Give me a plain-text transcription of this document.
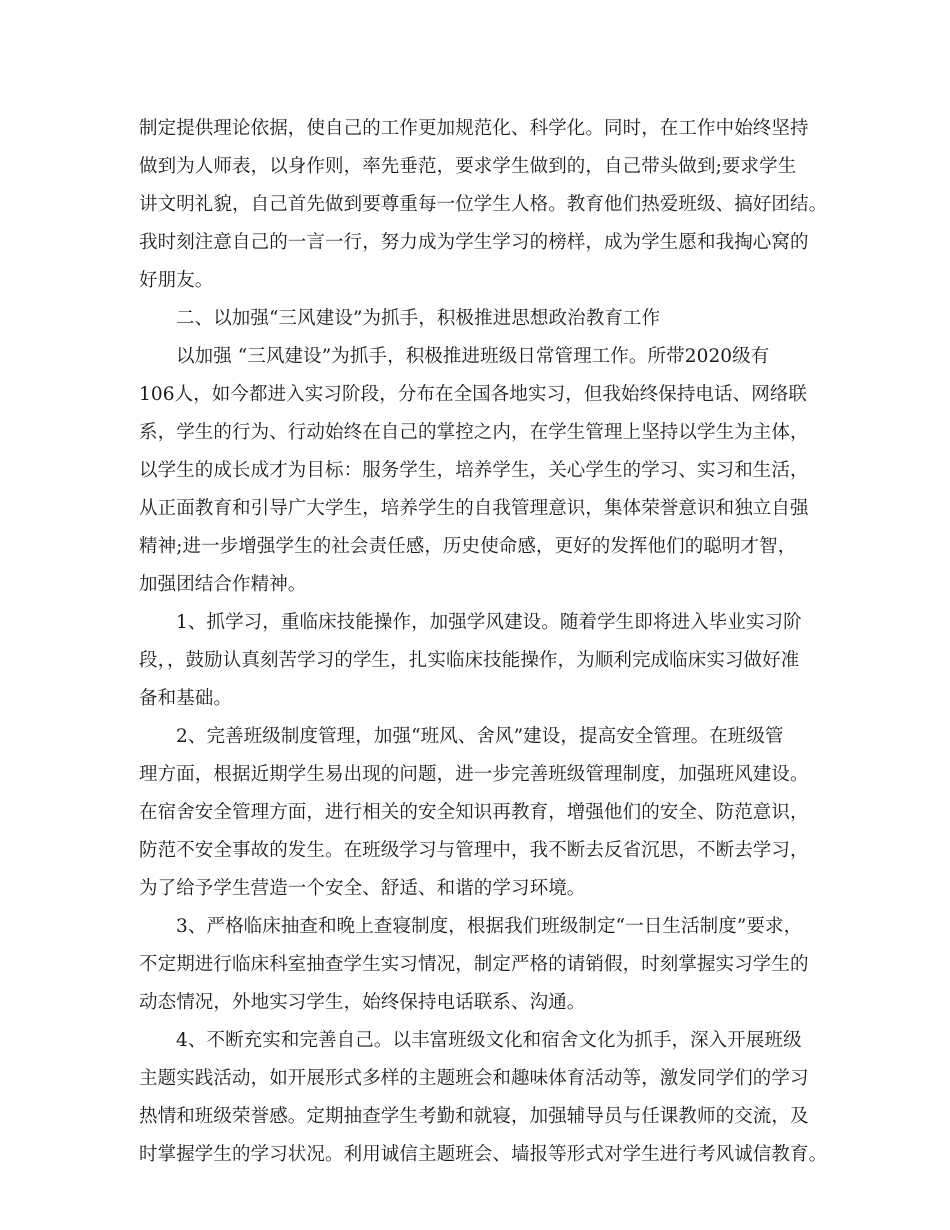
制定提供理论依据，使自己的工作更加规范化、科学化。同时，在工作中始终坚持
做到为人师表，以身作则，率先垂范，要求学生做到的，自己带头做到;要求学生
讲文明礼貌，自己首先做到要尊重每一位学生人格。教育他们热爱班级、搞好团结。
我时刻注意自己的一言一行，努力成为学生学习的榜样，成为学生愿和我掏心窝的
好朋友。
二、以加强“三风建设”为抓手，积极推进思想政治教育工作
以加强 “三风建设”为抓手，积极推进班级日常管理工作。所带2020级有
106人，如今都进入实习阶段，分布在全国各地实习，但我始终保持电话、网络联
系，学生的行为、行动始终在自己的掌控之内，在学生管理上坚持以学生为主体，
以学生的成长成才为目标：服务学生，培养学生，关心学生的学习、实习和生活，
从正面教育和引导广大学生，培养学生的自我管理意识，集体荣誉意识和独立自强
精神;进一步增强学生的社会责任感，历史使命感，更好的发挥他们的聪明才智，
加强团结合作精神。
1、抓学习，重临床技能操作，加强学风建设。随着学生即将进入毕业实习阶
段，，鼓励认真刻苦学习的学生，扎实临床技能操作，为顺利完成临床实习做好准
备和基础。
2、完善班级制度管理，加强“班风、舍风”建设，提高安全管理。在班级管
理方面，根据近期学生易出现的问题，进一步完善班级管理制度，加强班风建设。
在宿舍安全管理方面，进行相关的安全知识再教育，增强他们的安全、防范意识，
防范不安全事故的发生。在班级学习与管理中，我不断去反省沉思，不断去学习，
为了给予学生营造一个安全、舒适、和谐的学习环境。
3、严格临床抽查和晚上查寝制度，根据我们班级制定“一日生活制度”要求，
不定期进行临床科室抽查学生实习情况，制定严格的请销假，时刻掌握实习学生的
动态情况，外地实习学生，始终保持电话联系、沟通。
4、不断充实和完善自己。以丰富班级文化和宿舍文化为抓手，深入开展班级
主题实践活动，如开展形式多样的主题班会和趣味体育活动等，激发同学们的学习
热情和班级荣誉感。定期抽查学生考勤和就寝，加强辅导员与任课教师的交流，及
时掌握学生的学习状况。利用诚信主题班会、墙报等形式对学生进行考风诚信教育。
